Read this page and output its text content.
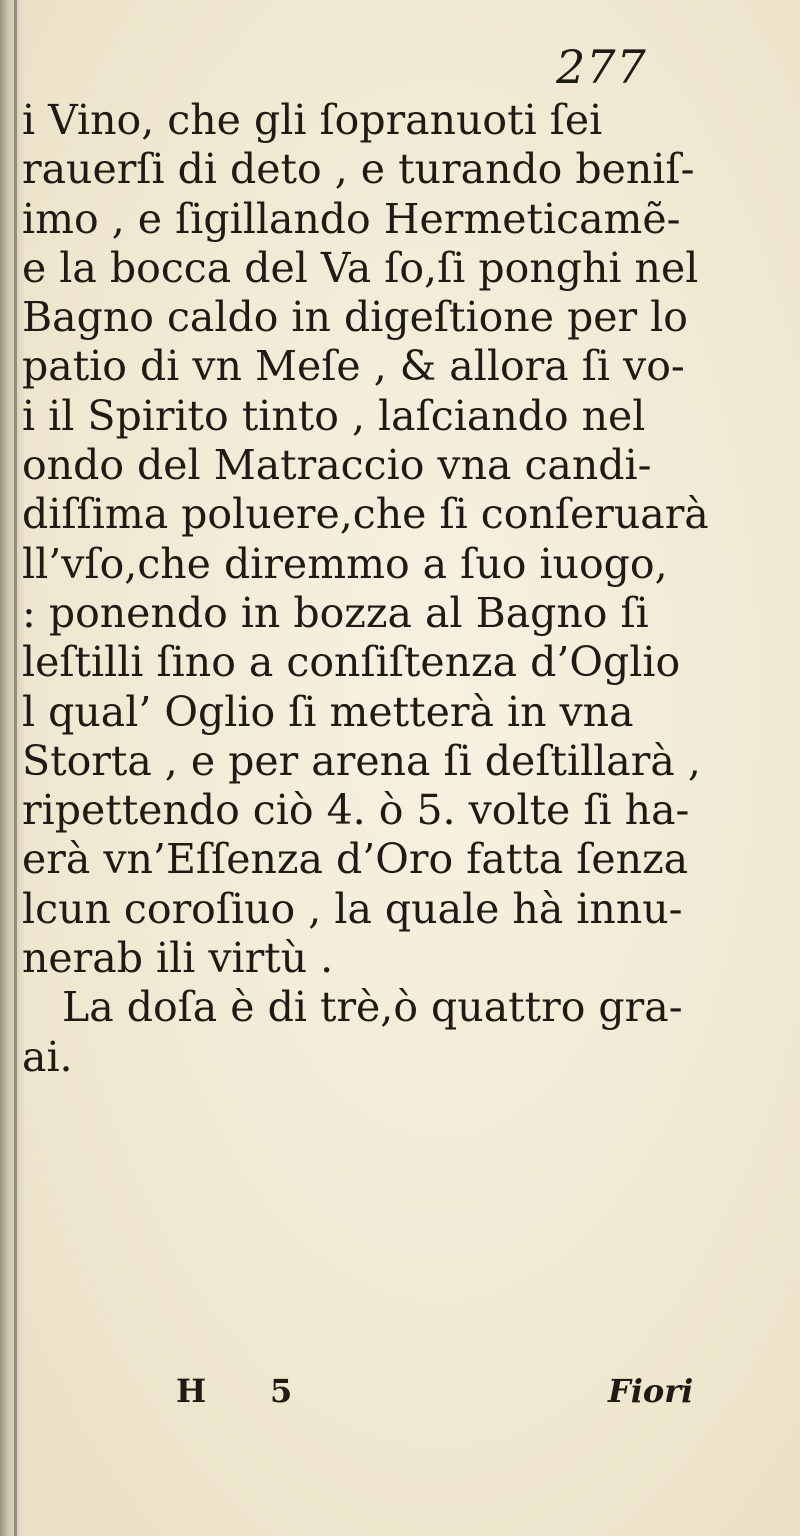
277
i Vino, che gli ſopranuoti ſei
rauerſi di deto , e turando beniſ-
imo , e ſigillando Hermeticamẽ-
e la bocca del Va ſo,ſi ponghi nel
Bagno caldo in digeſtione per lo
patio di vn Meſe , & allora ſi vo-
i il Spirito tinto , laſciando nel
ondo del Matraccio vna candi-
diſſima poluere,che ſi conſeruarà
ll’vſo,che diremmo a ſuo iuogo,
: ponendo in bozza al Bagno ſi
leſtilli ſino a conſiſtenza d’Oglio
l qual’ Oglio ſi metterà in vna
Storta , e per arena ſi deſtillarà ,
ripettendo ciò 4. ò 5. volte ſi ha-
erà vn’Eſſenza d’Oro fatta ſenza
lcun coroſiuo , la quale hà innu-
nerab ili virtù .
La doſa è di trè,ò quattro gra-
ai.
H 5	Fiori
